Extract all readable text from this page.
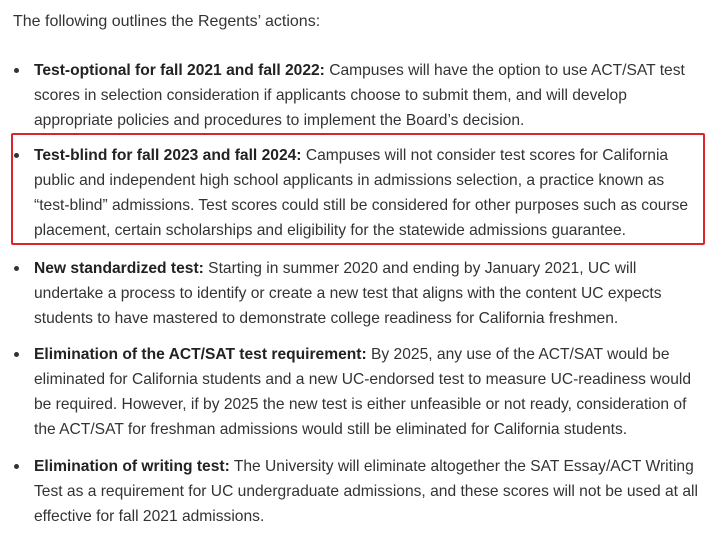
The following outlines the Regents’ actions:

Test-optional for fall 2021 and fall 2022: Campuses will have the option to use ACT/SAT test scores in selection consideration if applicants choose to submit them, and will develop appropriate policies and procedures to implement the Board’s decision.
Test-blind for fall 2023 and fall 2024: Campuses will not consider test scores for California public and independent high school applicants in admissions selection, a practice known as “test-blind” admissions. Test scores could still be considered for other purposes such as course placement, certain scholarships and eligibility for the statewide admissions guarantee.
New standardized test: Starting in summer 2020 and ending by January 2021, UC will undertake a process to identify or create a new test that aligns with the content UC expects students to have mastered to demonstrate college readiness for California freshmen.
Elimination of the ACT/SAT test requirement: By 2025, any use of the ACT/SAT would be eliminated for California students and a new UC-endorsed test to measure UC-readiness would be required. However, if by 2025 the new test is either unfeasible or not ready, consideration of the ACT/SAT for freshman admissions would still be eliminated for California students.
Elimination of writing test: The University will eliminate altogether the SAT Essay/ACT Writing Test as a requirement for UC undergraduate admissions, and these scores will not be used at all effective for fall 2021 admissions.
